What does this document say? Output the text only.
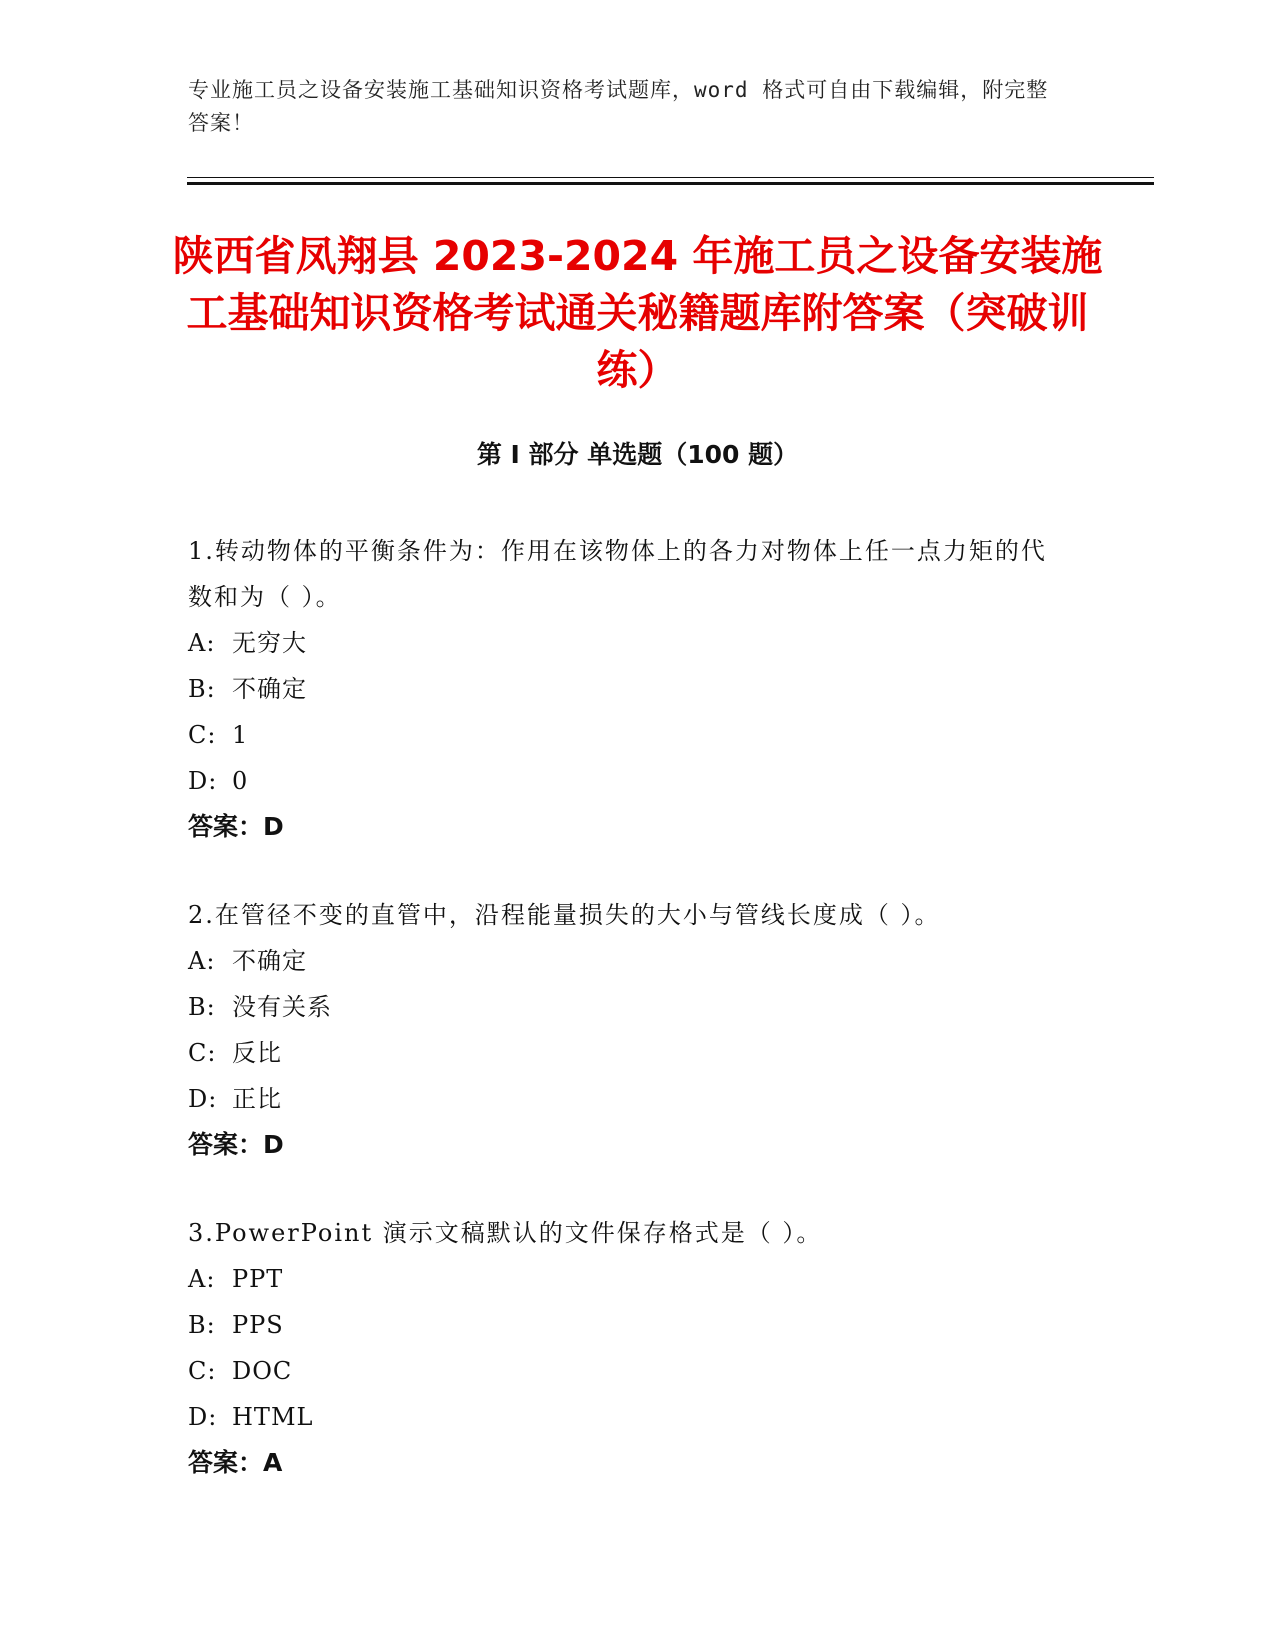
专业施工员之设备安装施工基础知识资格考试题库，word 格式可自由下载编辑，附完整答案！
陕西省凤翔县 2023-2024 年施工员之设备安装施工基础知识资格考试通关秘籍题库附答案（突破训练）
第 I 部分 单选题（100 题）
1.转动物体的平衡条件为：作用在该物体上的各力对物体上任一点力矩的代数和为（ ）。
A: 无穷大
B: 不确定
C: 1
D: 0
答案：D
2.在管径不变的直管中，沿程能量损失的大小与管线长度成（ ）。
A: 不确定
B: 没有关系
C: 反比
D: 正比
答案：D
3.PowerPoint 演示文稿默认的文件保存格式是（ ）。
A: PPT
B: PPS
C: DOC
D: HTML
答案：A
